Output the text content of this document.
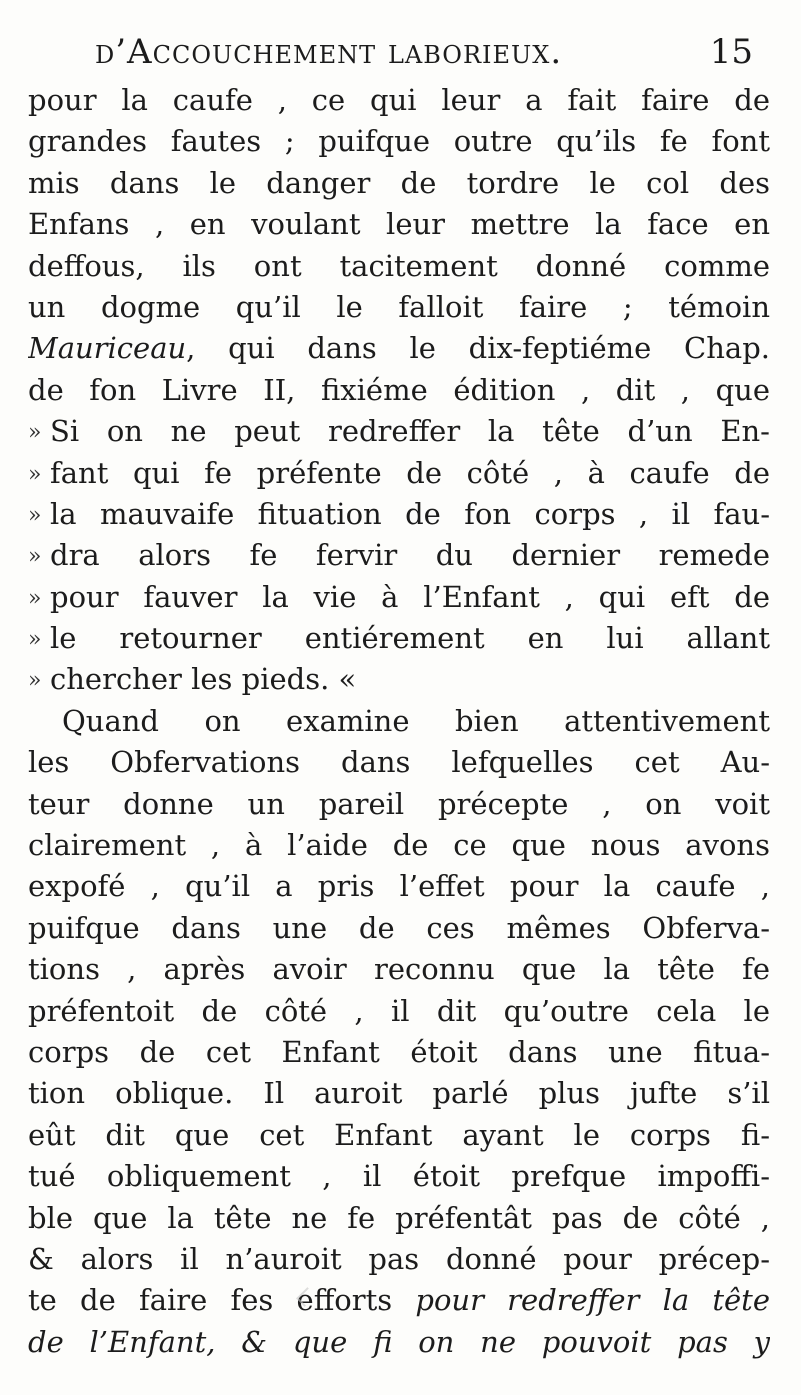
d’Accouchement laborieux.	15
pour la caufe , ce qui leur a fait faire de
grandes fautes ; puifque outre qu’ils fe font
mis dans le danger de tordre le col des
Enfans , en voulant leur mettre la face en
deffous, ils ont tacitement donné comme
un dogme qu’il le falloit faire ; témoin
Mauriceau, qui dans le dix-feptiéme Chap.
de fon Livre II, fixiéme édition , dit , que
» Si on ne peut redreffer la tête d’un En-
» fant qui fe préfente de côté , à caufe de
» la mauvaife fituation de fon corps , il fau-
» dra alors fe fervir du dernier remede
» pour fauver la vie à l’Enfant , qui eft de
» le retourner entiérement en lui allant
» chercher les pieds. «
Quand on examine bien attentivement
les Obfervations dans lefquelles cet Au-
teur donne un pareil précepte , on voit
clairement , à l’aide de ce que nous avons
expofé , qu’il a pris l’effet pour la caufe ,
puifque dans une de ces mêmes Obferva-
tions , après avoir reconnu que la tête fe
préfentoit de côté , il dit qu’outre cela le
corps de cet Enfant étoit dans une fitua-
tion oblique. Il auroit parlé plus jufte s’il
eût dit que cet Enfant ayant le corps fi-
tué obliquement , il étoit prefque impoffi-
ble que la tête ne fe préfentât pas de côté ,
& alors il n’auroit pas donné pour précep-
te de faire fes efforts pour redreffer la tête
de l’Enfant, & que fi on ne pouvoit pas y
